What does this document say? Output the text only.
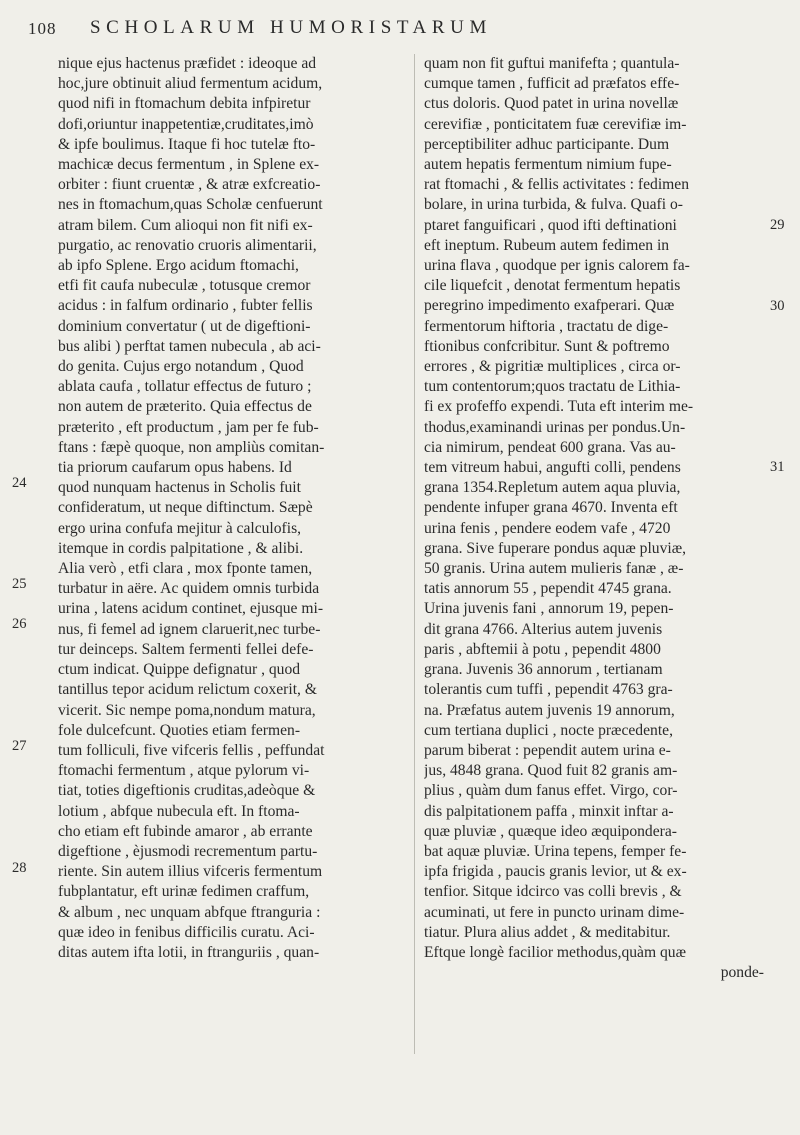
108 SCHOLARUM HUMORISTARUM
nique ejus hactenus præfidet : ideoque ad
hoc,jure obtinuit aliud fermentum acidum,
quod nifi in ftomachum debita infpiretur
dofi,oriuntur inappetentiæ,cruditates,imò
& ipfe boulimus. Itaque fi hoc tutelæ fto-
machicæ decus fermentum , in Splene ex-
orbiter : fiunt cruentæ , & atræ exfcreatio-
nes in ftomachum,quas Scholæ cenfuerunt
atram bilem. Cum alioqui non fit nifi ex-
purgatio, ac renovatio cruoris alimentarii,
ab ipfo Splene. Ergo acidum ftomachi,
etfi fit caufa nubeculæ , totusque cremor
acidus : in falfum ordinario , fubter fellis
dominium convertatur ( ut de digeftioni-
bus alibi ) perftat tamen nubecula , ab aci-
do genita. Cujus ergo notandum , Quod
ablata caufa , tollatur effectus de futuro ;
non autem de præterito. Quia effectus de
præterito , eft productum , jam per fe fub-
ftans : fæpè quoque, non ampliùs comitan-
tia priorum caufarum opus habens. Id
quod nunquam hactenus in Scholis fuit
confideratum, ut neque diftinctum. Sæpè
ergo urina confufa mejitur à calculofis,
itemque in cordis palpitatione , & alibi.
Alia verò , etfi clara , mox fponte tamen,
turbatur in aëre. Ac quidem omnis turbida
urina , latens acidum continet, ejusque mi-
nus, fi femel ad ignem claruerit,nec turbe-
tur deinceps. Saltem fermenti fellei defe-
ctum indicat. Quippe defignatur , quod
tantillus tepor acidum relictum coxerit, &
vicerit. Sic nempe poma,nondum matura,
fole dulcefcunt. Quoties etiam fermen-
tum folliculi, five vifceris fellis , peffundat
ftomachi fermentum , atque pylorum vi-
tiat, toties digeftionis cruditas,adeòque &
lotium , abfque nubecula eft. In ftoma-
cho etiam eft fubinde amaror , ab errante
digeftione , èjusmodi recrementum partu-
riente. Sin autem illius vifceris fermentum
fubplantatur, eft urinæ fedimen craffum,
& album , nec unquam abfque ftranguria :
quæ ideo in fenibus difficilis curatu. Aci-
ditas autem ifta lotii, in ftranguriis , quan-
quam non fit guftui manifefta ; quantula-
cumque tamen , fufficit ad præfatos effe-
ctus doloris. Quod patet in urina novellæ
cerevifiæ , ponticitatem fuæ cerevifiæ im-
perceptibiliter adhuc participante. Dum
autem hepatis fermentum nimium fupe-
rat ftomachi , & fellis activitates : fedimen
bolare, in urina turbida, & fulva. Quafi o-
ptaret fanguificari , quod ifti deftinationi
eft ineptum. Rubeum autem fedimen in
urina flava , quodque per ignis calorem fa-
cile liquefcit , denotat fermentum hepatis
peregrino impedimento exafperari. Quæ
fermentorum hiftoria , tractatu de dige-
ftionibus confcribitur. Sunt & poftremo
errores , & pigritiæ multiplices , circa or-
tum contentorum;quos tractatu de Lithia-
fi ex profeffo expendi. Tuta eft interim me-
thodus,examinandi urinas per pondus.Un-
cia nimirum, pendeat 600 grana. Vas au-
tem vitreum habui, angufti colli, pendens
grana 1354.Repletum autem aqua pluvia,
pendente infuper grana 4670. Inventa eft
urina fenis , pendere eodem vafe , 4720
grana. Sive fuperare pondus aquæ pluviæ,
50 granis. Urina autem mulieris fanæ , æ-
tatis annorum 55 , pependit 4745 grana.
Urina juvenis fani , annorum 19, pepen-
dit grana 4766. Alterius autem juvenis
paris , abftemii à potu , pependit 4800
grana. Juvenis 36 annorum , tertianam
tolerantis cum tuffi , pependit 4763 gra-
na. Præfatus autem juvenis 19 annorum,
cum tertiana duplici , nocte præcedente,
parum biberat : pependit autem urina e-
jus, 4848 grana. Quod fuit 82 granis am-
plius , quàm dum fanus effet. Virgo, cor-
dis palpitationem paffa , minxit inftar a-
quæ pluviæ , quæque ideo æquipondera-
bat aquæ pluviæ. Urina tepens, femper fe-
ipfa frigida , paucis granis levior, ut & ex-
tenfior. Sitque idcirco vas colli brevis , &
acuminati, ut fere in puncto urinam dime-
tiatur. Plura alius addet , & meditabitur.
Eftque longè facilior methodus,quàm quæ
ponde-
24
25
26
27
28
29
30
31
